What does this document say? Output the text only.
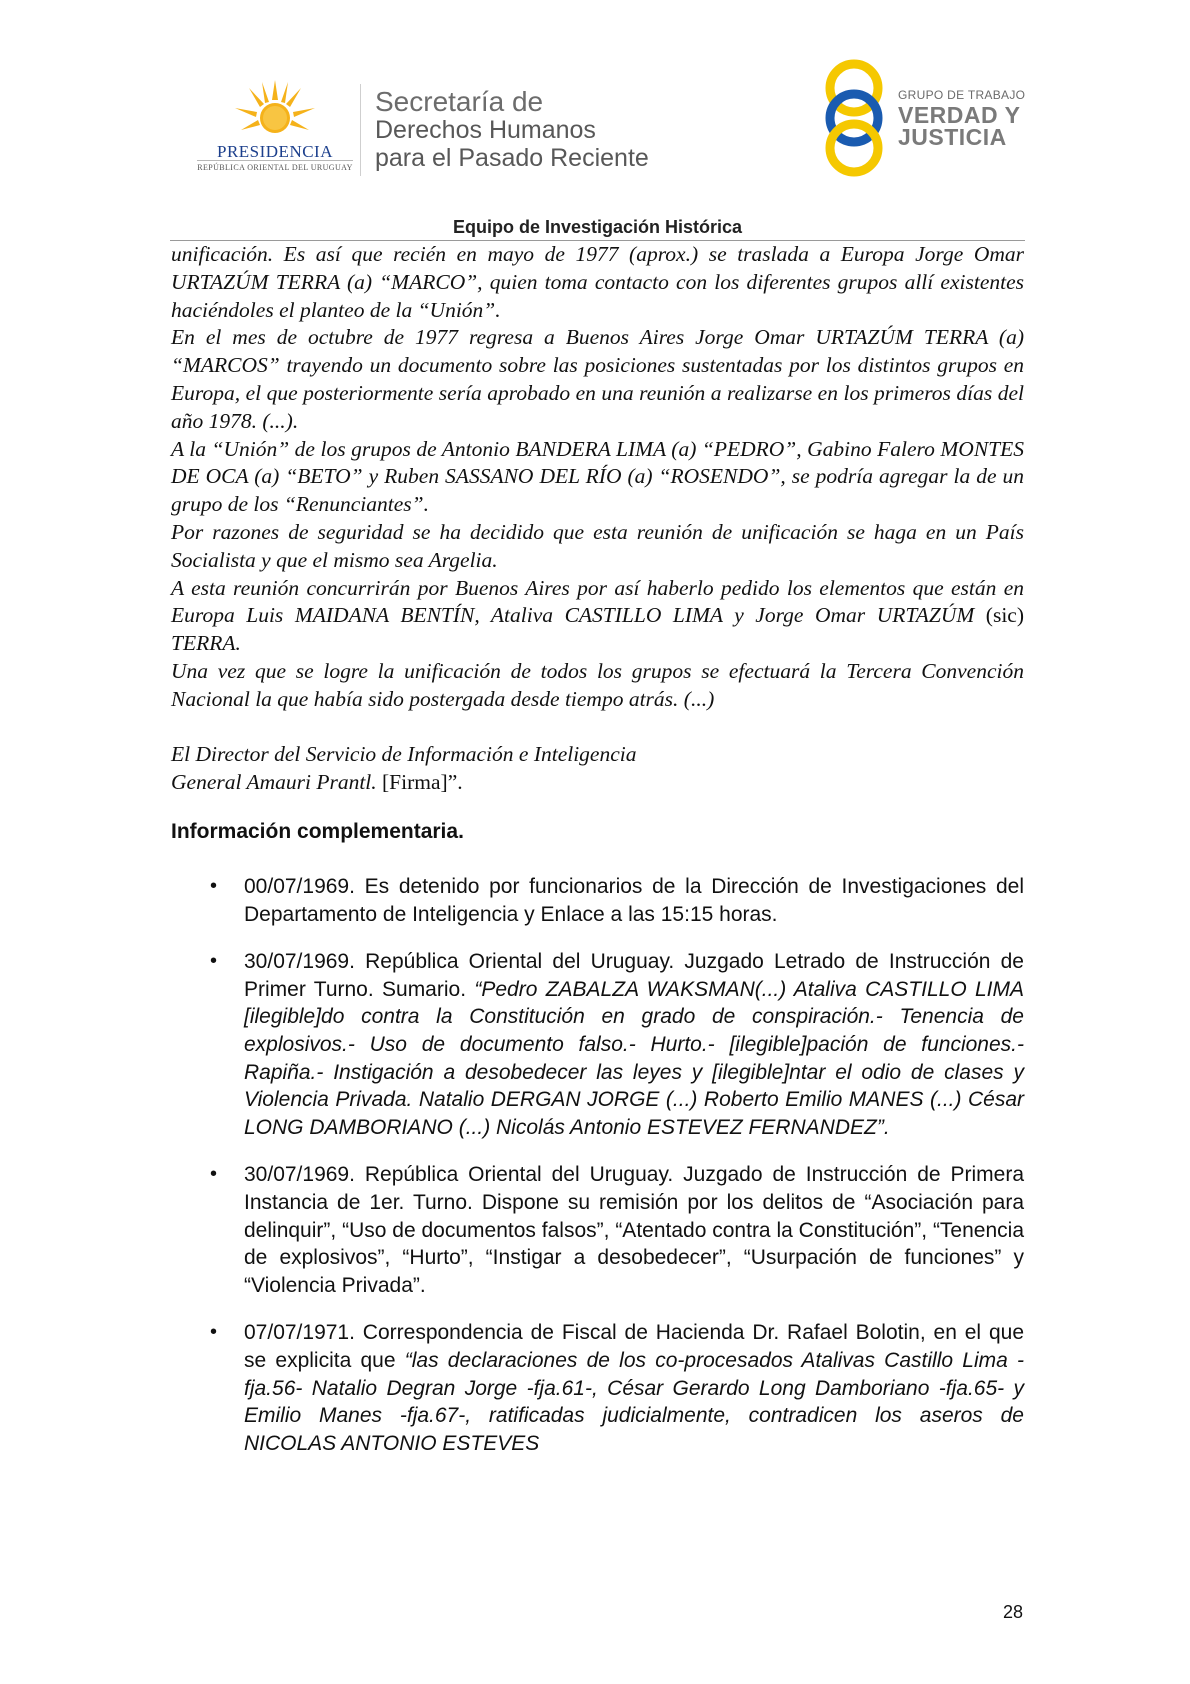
PRESIDENCIA
REPÚBLICA ORIENTAL DEL URUGUAY
Secretaría de
Derechos Humanos
para el Pasado Reciente
GRUPO DE TRABAJO
VERDAD Y
JUSTICIA
Equipo de Investigación Histórica

unificación. Es así que recién en mayo de 1977 (aprox.) se traslada a Europa Jorge Omar URTAZÚM TERRA (a) “MARCO”, quien toma contacto con los diferentes grupos allí existentes haciéndoles el planteo de la “Unión”.

En el mes de octubre de 1977 regresa a Buenos Aires Jorge Omar URTAZÚM TERRA (a) “MARCOS” trayendo un documento sobre las posiciones sustentadas por los distintos grupos en Europa, el que posteriormente sería aprobado en una reunión a realizarse en los primeros días del año 1978. (...).

A la “Unión” de los grupos de Antonio BANDERA LIMA (a) “PEDRO”, Gabino Falero MONTES DE OCA (a) “BETO” y Ruben SASSANO DEL RÍO (a) “ROSENDO”, se podría agregar la de un grupo de los “Renunciantes”.

Por razones de seguridad se ha decidido que esta reunión de unificación se haga en un País Socialista y que el mismo sea Argelia.

A esta reunión concurrirán por Buenos Aires por así haberlo pedido los elementos que están en Europa Luis MAIDANA BENTÍN, Ataliva CASTILLO LIMA y Jorge Omar URTAZÚM (sic) TERRA.

Una vez que se logre la unificación de todos los grupos se efectuará la Tercera Convención Nacional la que había sido postergada desde tiempo atrás. (...)

El Director del Servicio de Información e Inteligencia

General Amauri Prantl. [Firma]”.

Información complementaria.
• 00/07/1969. Es detenido por funcionarios de la Dirección de Investigaciones del Departamento de Inteligencia y Enlace a las 15:15 horas.
• 30/07/1969. República Oriental del Uruguay. Juzgado Letrado de Instrucción de Primer Turno. Sumario. “Pedro ZABALZA WAKSMAN(...) Ataliva CASTILLO LIMA [ilegible]do contra la Constitución en grado de conspiración.- Tenencia de explosivos.- Uso de documento falso.- Hurto.- [ilegible]pación de funciones.- Rapiña.- Instigación a desobedecer las leyes y [ilegible]ntar el odio de clases y Violencia Privada. Natalio DERGAN JORGE (...) Roberto Emilio MANES (...) César LONG DAMBORIANO (...) Nicolás Antonio ESTEVEZ FERNANDEZ”.
• 30/07/1969. República Oriental del Uruguay. Juzgado de Instrucción de Primera Instancia de 1er. Turno. Dispone su remisión por los delitos de “Asociación para delinquir”, “Uso de documentos falsos”, “Atentado contra la Constitución”, “Tenencia de explosivos”, “Hurto”, “Instigar a desobedecer”, “Usurpación de funciones” y “Violencia Privada”.
• 07/07/1971. Correspondencia de Fiscal de Hacienda Dr. Rafael Bolotin, en el que se explicita que “las declaraciones de los co-procesados Atalivas Castillo Lima -fja.56- Natalio Degran Jorge -fja.61-, César Gerardo Long Damboriano -fja.65- y Emilio Manes -fja.67-, ratificadas judicialmente, contradicen los aseros de NICOLAS ANTONIO ESTEVES
28
